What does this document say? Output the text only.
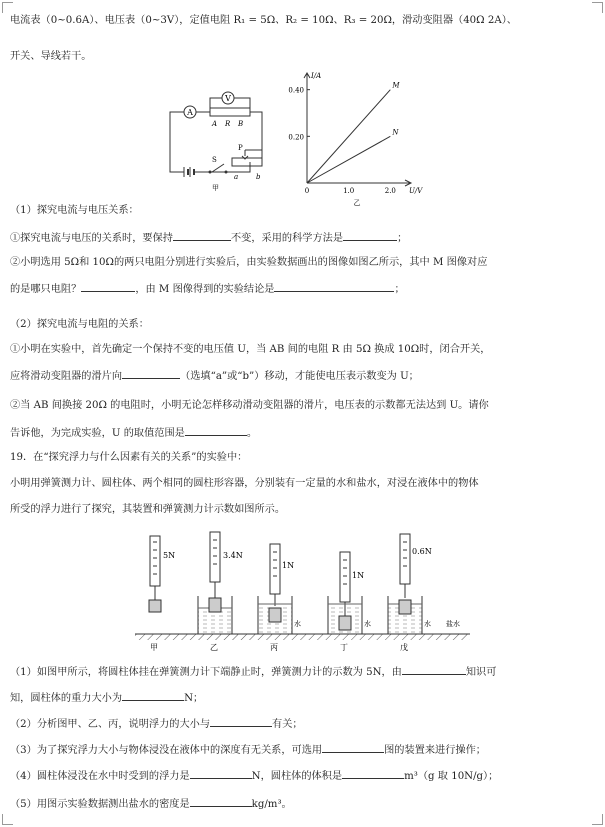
电流表（0~0.6A）、电压表（0~3V），定值电阻 R₁ = 5Ω、R₂ = 10Ω、R₃ = 20Ω，滑动变阻器（40Ω 2A）、
开关、导线若干。
A
V
A R B
S
P
a	b
甲
0.20
0.40
0	1.0	2.0
I/A
U/V
M
N
乙
（1）探究电流与电压关系：
①探究电流与电压的关系时，要保持	不变，采用的科学方法是	；
②小明选用 5Ω和 10Ω的两只电阻分别进行实验后，由实验数据画出的图像如图乙所示，其中 M 图像对应
的是哪只电阻？	，由 M 图像得到的实验结论是	；
（2）探究电流与电阻的关系：
①小明在实验中，首先确定一个保持不变的电压值 U，当 AB 间的电阻 R 由 5Ω 换成 10Ω时，闭合开关，
应将滑动变阻器的滑片向	（选填“a”或“b”）移动，才能使电压表示数变为 U；
②当 AB 间换接 20Ω 的电阻时，小明无论怎样移动滑动变阻器的滑片，电压表的示数都无法达到 U。请你
告诉他，为完成实验，U 的取值范围是	。
19．在“探究浮力与什么因素有关的关系”的实验中：
小明用弹簧测力计、圆柱体、两个相同的圆柱形容器，分别装有一定量的水和盐水，对浸在液体中的物体
所受的浮力进行了探究，其装置和弹簧测力计示数如图所示。
5N
甲
3.4N
乙
1N
水
丙
1N
水
丁
0.6N
水 盐水
戊
（1）如图甲所示，将圆柱体挂在弹簧测力计下端静止时，弹簧测力计的示数为 5N，由	知识可
知，圆柱体的重力大小为	N；
（2）分析图甲、乙、丙，说明浮力的大小与	有关；
（3）为了探究浮力大小与物体浸没在液体中的深度有无关系，可选用	图的装置来进行操作；
（4）圆柱体浸没在水中时受到的浮力是	N，圆柱体的体积是	m³（g 取 10N/g）；
（5）用图示实验数据测出盐水的密度是	kg/m³。
